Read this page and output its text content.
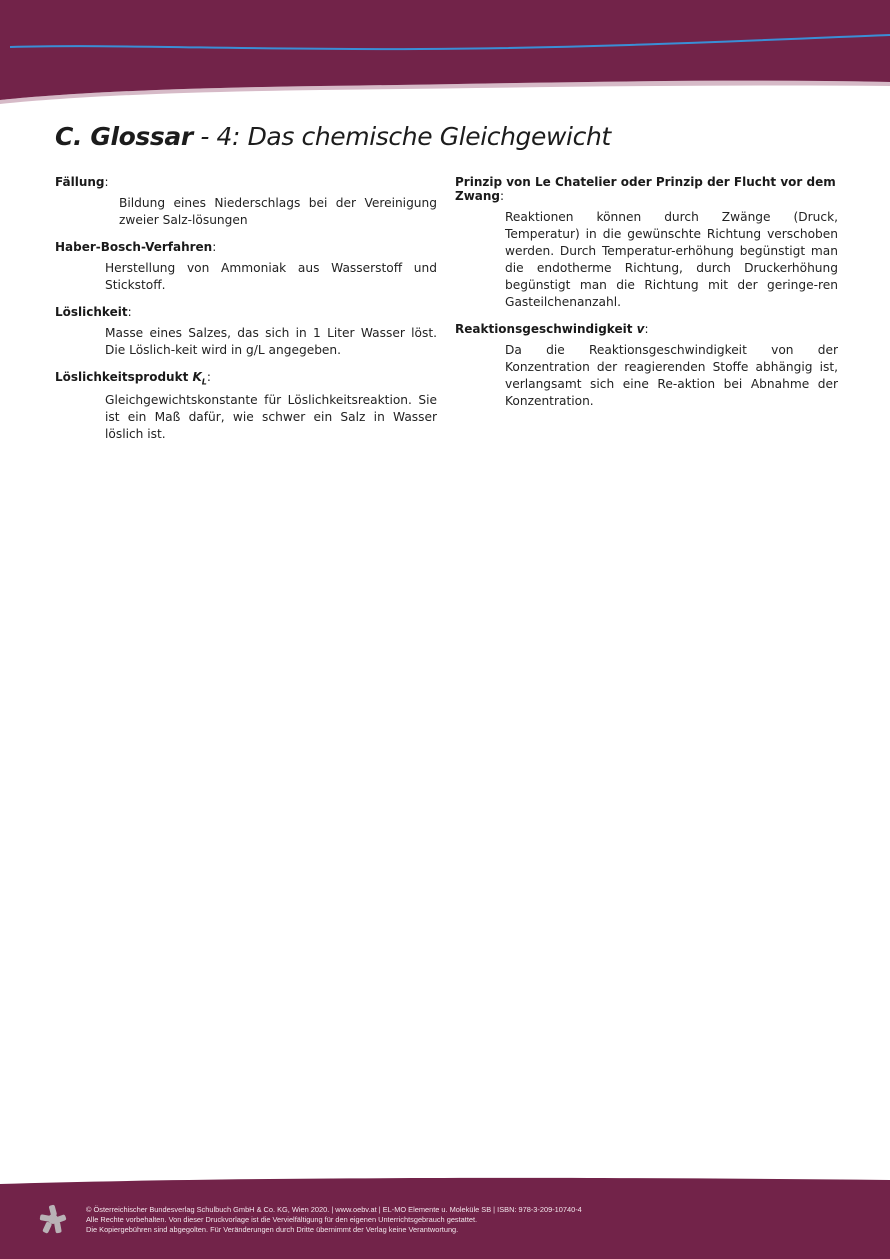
C. Glossar - 4: Das chemische Gleichgewicht
Fällung:
Bildung eines Niederschlags bei der Vereinigung zweier Salz-lösungen
Haber-Bosch-Verfahren:
Herstellung von Ammoniak aus Wasserstoff und Stickstoff.
Löslichkeit:
Masse eines Salzes, das sich in 1 Liter Wasser löst. Die Löslich-keit wird in g/L angegeben.
Löslichkeitsprodukt $K_L$:
Gleichgewichtskonstante für Löslichkeitsreaktion. Sie ist ein Maß dafür, wie schwer ein Salz in Wasser löslich ist.
Prinzip von Le Chatelier oder Prinzip der Flucht vor dem Zwang:
Reaktionen können durch Zwänge (Druck, Temperatur) in die gewünschte Richtung verschoben werden. Durch Temperatur-erhöhung begünstigt man die endotherme Richtung, durch Druckerhöhung begünstigt man die Richtung mit der geringe-ren Gasteilchenanzahl.
Reaktionsgeschwindigkeit v:
Da die Reaktionsgeschwindigkeit von der Konzentration der reagierenden Stoffe abhängig ist, verlangsamt sich eine Re-aktion bei Abnahme der Konzentration.
© Österreichischer Bundesverlag Schulbuch GmbH & Co. KG, Wien 2020. | www.oebv.at | EL-MO Elemente u. Moleküle SB | ISBN: 978-3-209-10740-4
Alle Rechte vorbehalten. Von dieser Druckvorlage ist die Vervielfältigung für den eigenen Unterrichtsgebrauch gestattet.
Die Kopiergebühren sind abgegolten. Für Veränderungen durch Dritte übernimmt der Verlag keine Verantwortung.
